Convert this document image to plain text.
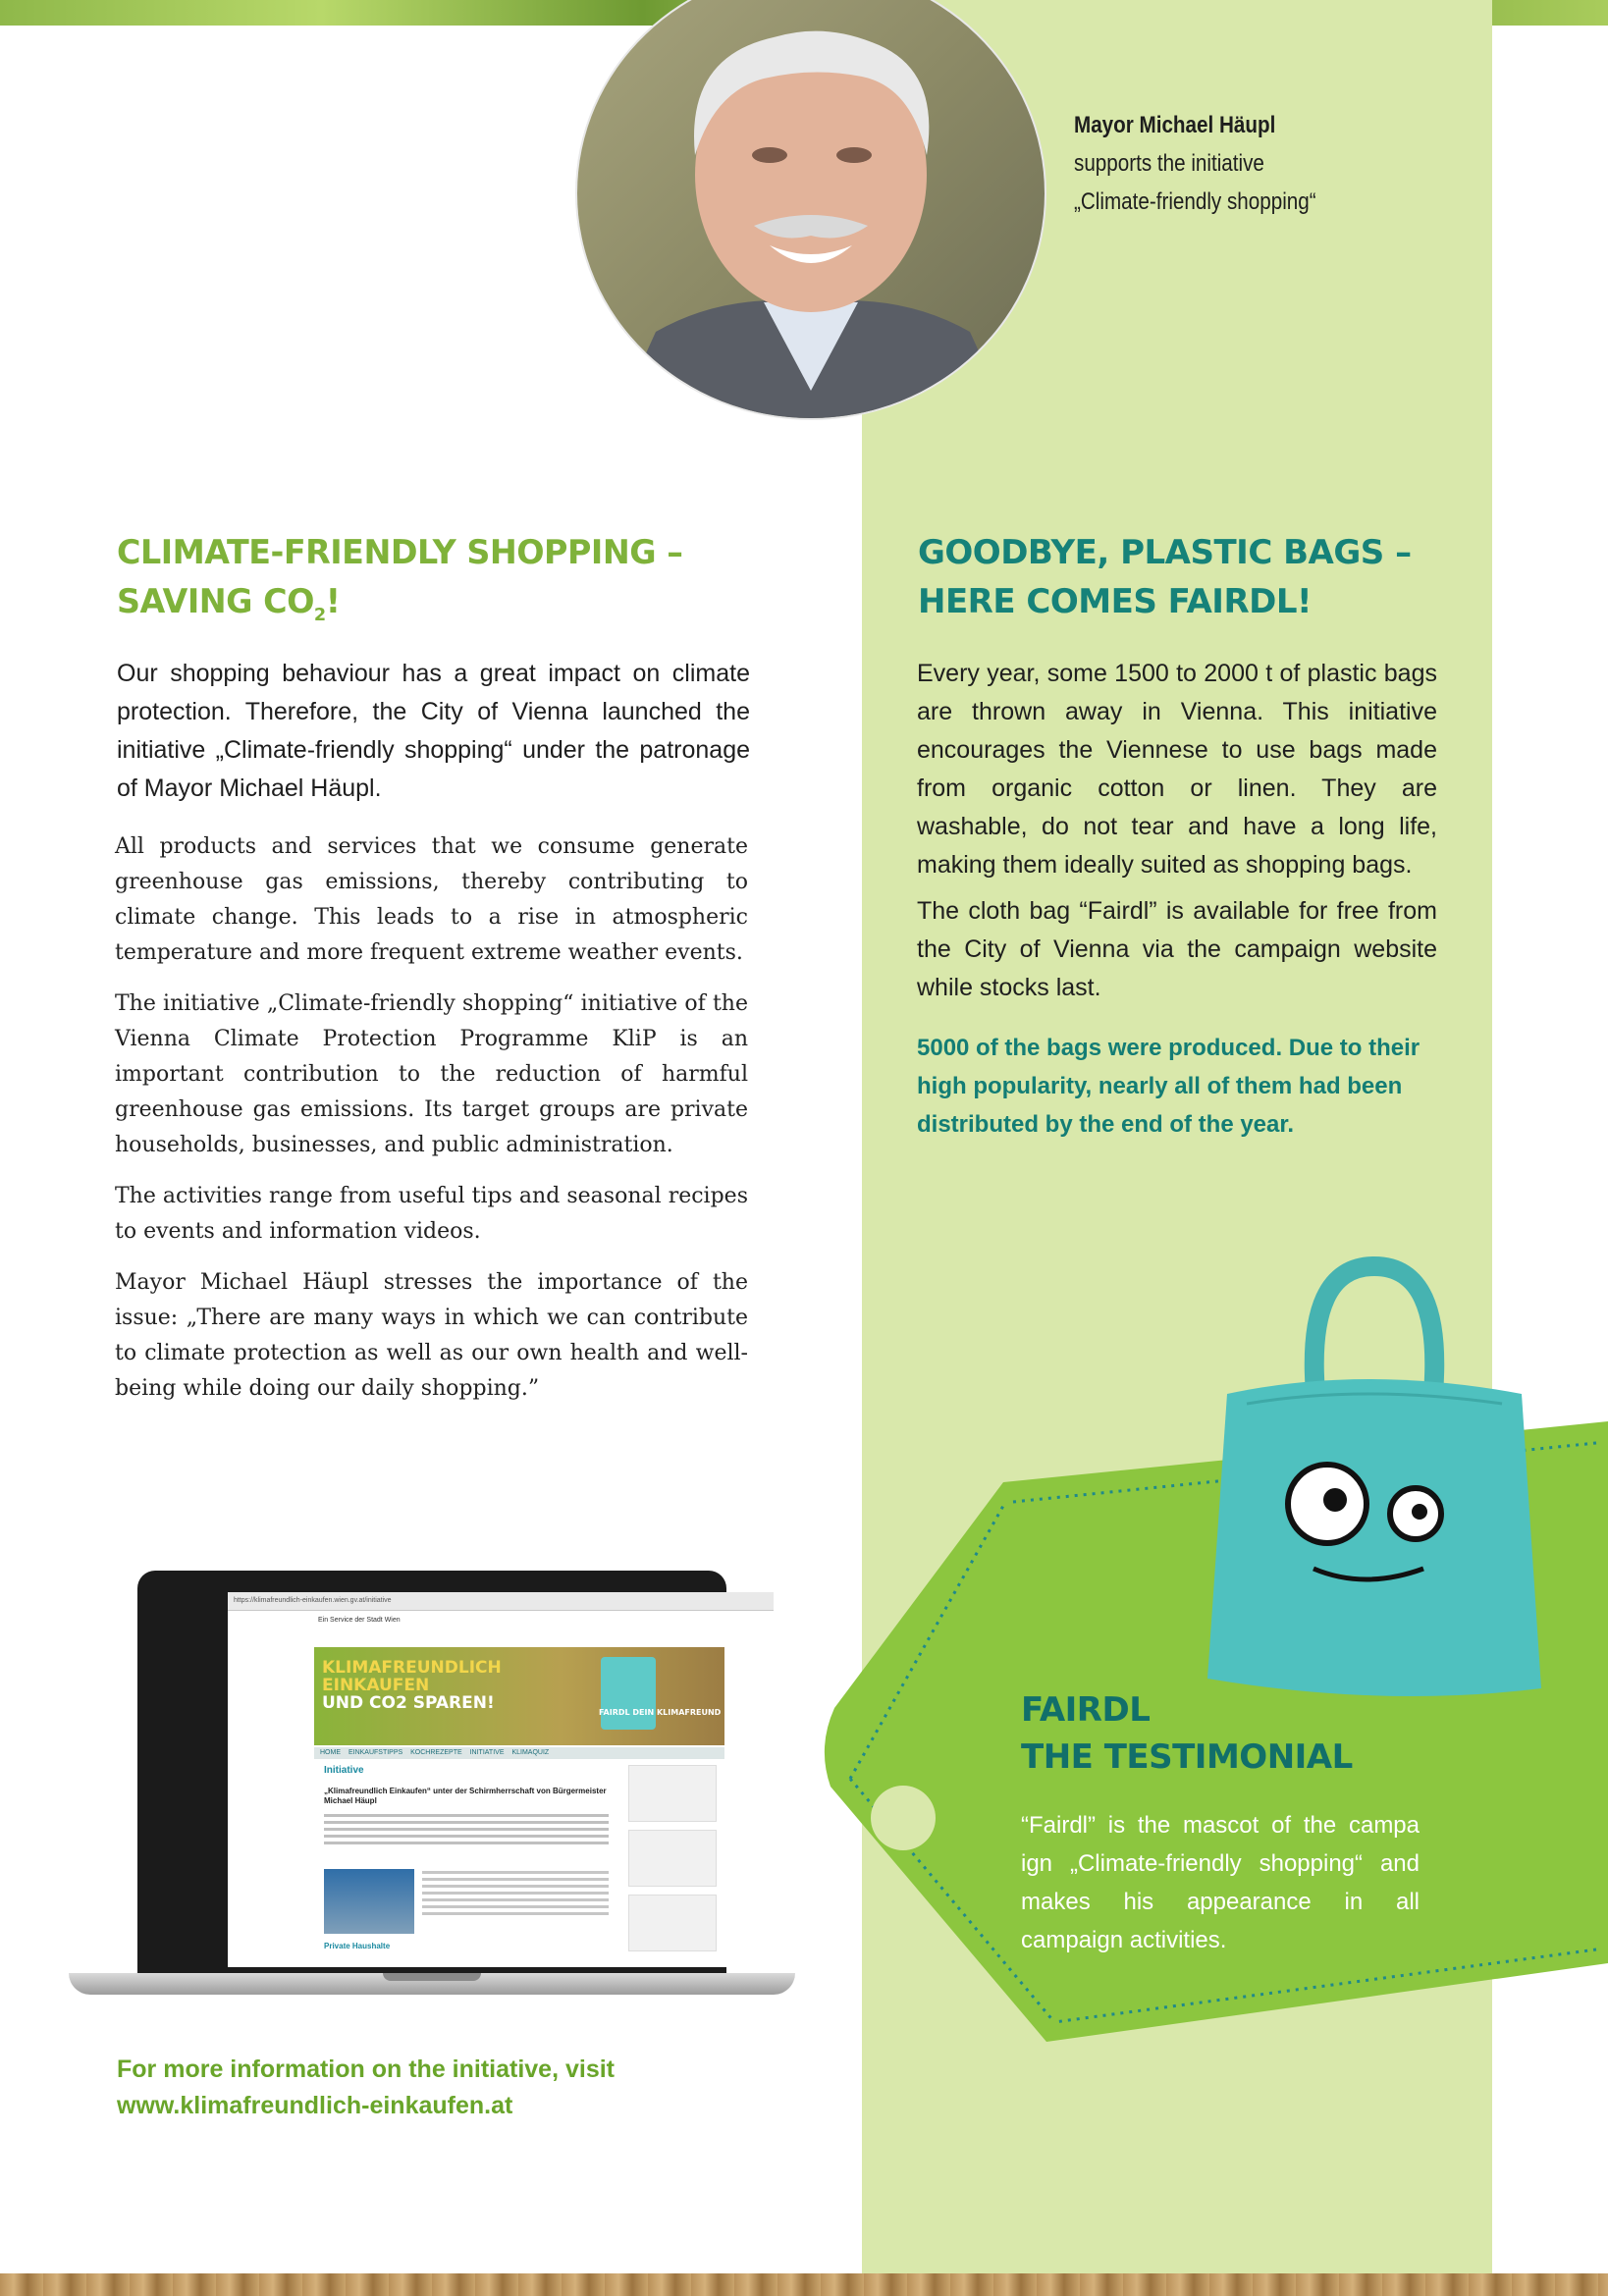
Mayor Michael Häupl
supports the initiative
„Climate-friendly shopping“
CLIMATE-FRIENDLY SHOPPING –
SAVING $CO_2$!
Our shopping behaviour has a great impact on climate protection. Therefore, the City of Vienna launched the initiative „Climate-friendly shopping“ under the patronage of Mayor Michael Häupl.

All products and services that we consume generate greenhouse gas emissions, thereby contributing to climate change. This leads to a rise in atmospheric temperature and more frequent extreme weather events.

The initiative „Climate-friendly shopping“ initiative of the Vienna Climate Protection Programme KliP is an important contribution to the reduction of harmful greenhouse gas emissions. Its target groups are private households, businesses, and public administration.

The activities range from useful tips and seasonal recipes to events and information videos.

Mayor Michael Häupl stresses the importance of the issue: „There are many ways in which we can contribute to climate protection as well as our own health and well-being while doing our daily shopping.”

GOODBYE, PLASTIC BAGS –
HERE COMES FAIRDL!

Every year, some 1500 to 2000 t of plastic bags are thrown away in Vienna. This initiative encourages the Viennese to use bags made from organic cotton or linen. They are washable, do not tear and have a long life, making them ideally suited as shopping bags.

The cloth bag “Fairdl” is available for free from the City of Vienna via the campaign website while stocks last.

5000 of the bags were produced. Due to their high popularity, nearly all of them had been distributed by the end of the year.
FAIRDL
THE TESTIMONIAL
“Fairdl” is the mascot of the campa ign „Climate-friendly shopping“ and makes his appearance in all campaign activities.
https://klimafreundlich-einkaufen.wien.gv.at/initiative
Ein Service der Stadt Wien
KLIMAFREUNDLICH
EINKAUFEN
UND CO2 SPAREN!	FAIRDL DEIN KLIMAFREUND
HOME EINKAUFSTIPPS KOCHREZEPTE INITIATIVE KLIMAQUIZ
Initiative
„Klimafreundlich Einkaufen“ unter der Schirmherrschaft von Bürgermeister Michael Häupl
Private Haushalte
For more information on the initiative, visit
www.klimafreundlich-einkaufen.at
